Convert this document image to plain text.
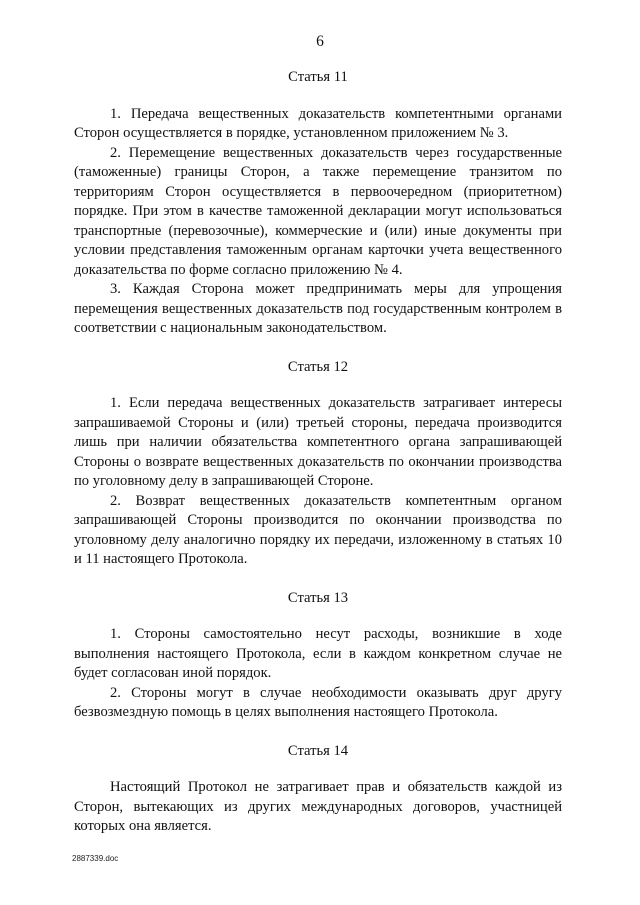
6

Статья 11

1. Передача вещественных доказательств компетентными органами Сторон осуществляется в порядке, установленном приложением № 3.

2. Перемещение вещественных доказательств через государственные (таможенные) границы Сторон, а также перемещение транзитом по территориям Сторон осуществляется в первоочередном (приоритетном) порядке. При этом в качестве таможенной декларации могут использоваться транспортные (перевозочные), коммерческие и (или) иные документы при условии представления таможенным органам карточки учета вещественного доказательства по форме согласно приложению № 4.

3. Каждая Сторона может предпринимать меры для упрощения перемещения вещественных доказательств под государственным контролем в соответствии с национальным законодательством.

Статья 12

1. Если передача вещественных доказательств затрагивает интересы запрашиваемой Стороны и (или) третьей стороны, передача производится лишь при наличии обязательства компетентного органа запрашивающей Стороны о возврате вещественных доказательств по окончании производства по уголовному делу в запрашивающей Стороне.

2. Возврат вещественных доказательств компетентным органом запрашивающей Стороны производится по окончании производства по уголовному делу аналогично порядку их передачи, изложенному в статьях 10 и 11 настоящего Протокола.

Статья 13

1. Стороны самостоятельно несут расходы, возникшие в ходе выполнения настоящего Протокола, если в каждом конкретном случае не будет согласован иной порядок.

2. Стороны могут в случае необходимости оказывать друг другу безвозмездную помощь в целях выполнения настоящего Протокола.

Статья 14

Настоящий Протокол не затрагивает прав и обязательств каждой из Сторон, вытекающих из других международных договоров, участницей которых она является.

2887339.doc
